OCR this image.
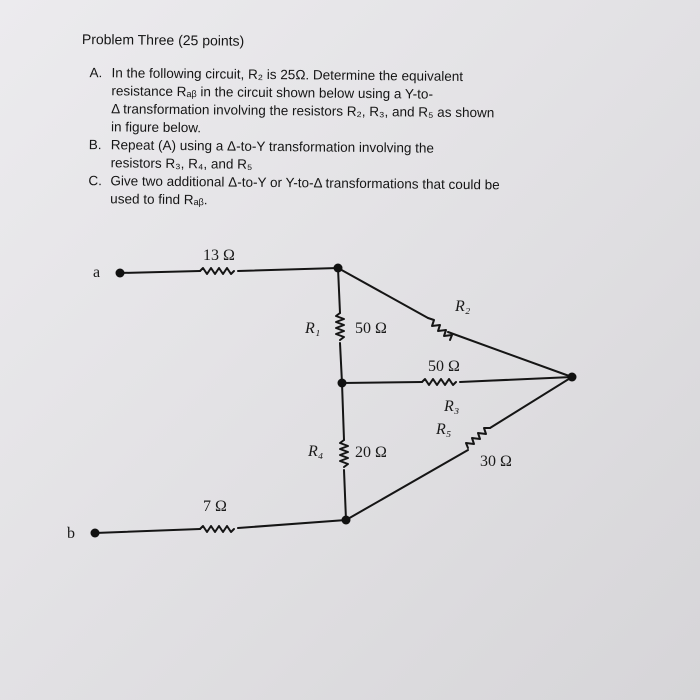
Problem Three (25 points)
A. In the following circuit, R₂ is 25Ω. Determine the equivalent
resistance Rₐᵦ in the circuit shown below using a Y-to-
Δ transformation involving the resistors R₂, R₃, and R₅ as shown
in figure below.
B. Repeat (A) using a Δ-to-Y transformation involving the
resistors R₃, R₄, and R₅
C. Give two additional Δ-to-Y or Y-to-Δ transformations that could be
used to find Rₐᵦ.
a
b
13 Ω
7 Ω
R₁ 50 Ω
R₂
50 Ω
R₃
R₄ 20 Ω
R₅
30 Ω
